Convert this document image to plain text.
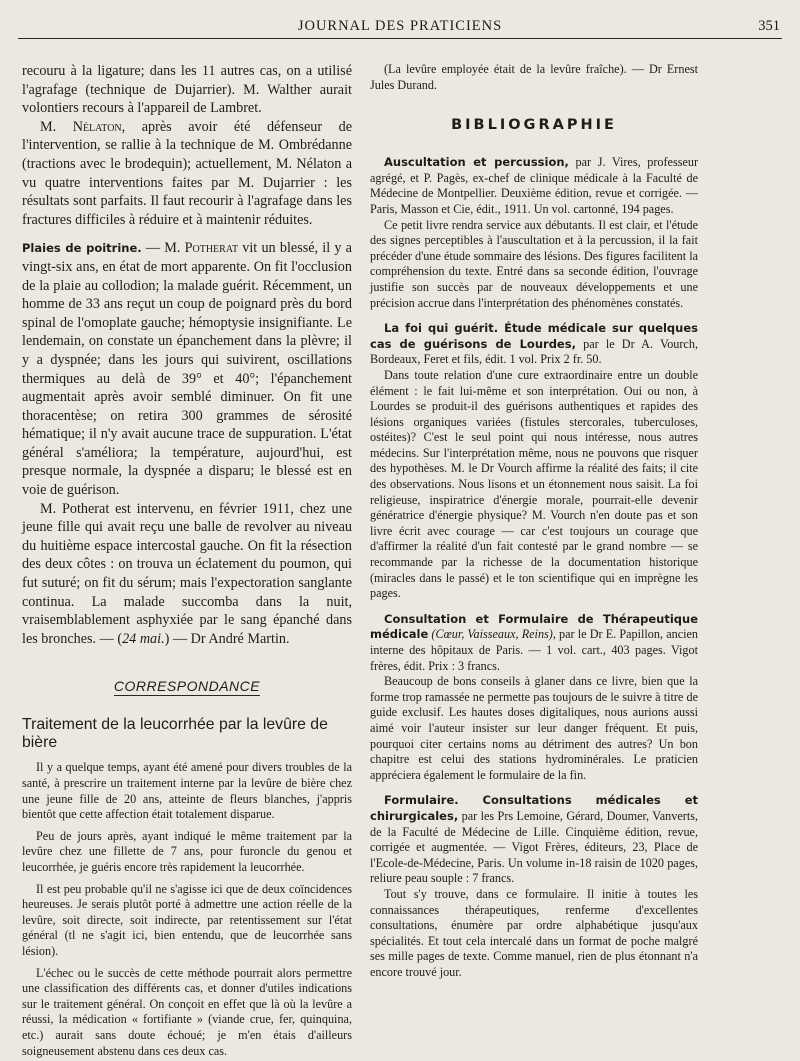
JOURNAL DES PRATICIENS	351

recouru à la ligature; dans les 11 autres cas, on a utilisé l'agrafage (technique de Dujarrier). M. Walther aurait volontiers recours à l'appareil de Lambret.

M. Nélaton, après avoir été défenseur de l'intervention, se rallie à la technique de M. Ombrédanne (tractions avec le brodequin); actuellement, M. Nélaton a vu quatre interventions faites par M. Dujarrier : les résultats sont parfaits. Il faut recourir à l'agrafage dans les fractures difficiles à réduire et à maintenir réduites.

Plaies de poitrine. — M. Potherat vit un blessé, il y a vingt-six ans, en état de mort apparente. On fit l'occlusion de la plaie au collodion; la malade guérit. Récemment, un homme de 33 ans reçut un coup de poignard près du bord spinal de l'omoplate gauche; hémoptysie insignifiante. Le lendemain, on constate un épanchement dans la plèvre; il y a dyspnée; dans les jours qui suivirent, oscillations thermiques au delà de 39° et 40°; l'épanchement augmentait après avoir semblé diminuer. On fit une thoracentèse; on retira 300 grammes de sérosité hématique; il n'y avait aucune trace de suppuration. L'état général s'améliora; la température, aujourd'hui, est presque normale, la dyspnée a disparu; le blessé est en voie de guérison.

M. Potherat est intervenu, en février 1911, chez une jeune fille qui avait reçu une balle de revolver au niveau du huitième espace intercostal gauche. On fit la résection des deux côtes : on trouva un éclatement du poumon, qui fut suturé; on fit du sérum; mais l'expectoration sanglante continua. La malade succomba dans la nuit, vraisemblablement asphyxiée par le sang épanché dans les bronches. — (24 mai.) — Dr André Martin.

CORRESPONDANCE
Traitement de la leucorrhée par la levûre de bière

Il y a quelque temps, ayant été amené pour divers troubles de la santé, à prescrire un traitement interne par la levûre de bière chez une jeune fille de 20 ans, atteinte de fleurs blanches, j'appris bientôt que cette affection était totalement disparue.

Peu de jours après, ayant indiqué le même traitement par la levûre chez une fillette de 7 ans, pour furoncle du genou et leucorrhée, je guéris encore très rapidement la leucorrhée.

Il est peu probable qu'il ne s'agisse ici que de deux coïncidences heureuses. Je serais plutôt porté à admettre une action réelle de la levûre, soit directe, soit indirecte, par retentissement sur l'état général (tl ne s'agit ici, bien entendu, que de leucorrhée sans lésion).

L'échec ou le succès de cette méthode pourrait alors permettre une classification des différents cas, et donner d'utiles indications sur le traitement général. On conçoit en effet que là où la levûre a réussi, la médication « fortifiante » (viande crue, fer, quinquina, etc.) aurait sans doute échoué; je m'en étais d'ailleurs soigneusement abstenu dans ces deux cas.

(La levûre employée était de la levûre fraîche). — Dr Ernest Jules Durand.

BIBLIOGRAPHIE

Auscultation et percussion, par J. Vires, professeur agrégé, et P. Pagès, ex-chef de clinique médicale à la Faculté de Médecine de Montpellier. Deuxième édition, revue et corrigée. — Paris, Masson et Cie, édit., 1911. Un vol. cartonné, 194 pages.

Ce petit livre rendra service aux débutants. Il est clair, et l'étude des signes perceptibles à l'auscultation et à la percussion, il la fait précéder d'une étude sommaire des lésions. Des figures facilitent la compréhension du texte. Entré dans sa seconde édition, l'ouvrage justifie son succès par de nouveaux développements et une précision accrue dans l'interprétation des phénomènes constatés.

La foi qui guérit. Étude médicale sur quelques cas de guérisons de Lourdes, par le Dr A. Vourch, Bordeaux, Feret et fils, édit. 1 vol. Prix 2 fr. 50.

Dans toute relation d'une cure extraordinaire entre un double élément : le fait lui-même et son interprétation. Oui ou non, à Lourdes se produit-il des guérisons authentiques et rapides des lésions organiques variées (fistules stercorales, tuberculoses, ostéites)? C'est le seul point qui nous intéresse, nous autres médecins. Sur l'interprétation même, nous ne pouvons que risquer des hypothèses. M. le Dr Vourch affirme la réalité des faits; il cite des observations. Nous lisons et un étonnement nous saisit. La foi religieuse, inspiratrice d'énergie morale, pourrait-elle devenir génératrice d'énergie physique? M. Vourch n'en doute pas et son livre écrit avec courage — car c'est toujours un courage que d'affirmer la réalité d'un fait contesté par le grand nombre — se recommande par la richesse de la documentation historique (miracles dans le passé) et le ton scientifique qui en imprègne les pages.

Consultation et Formulaire de Thérapeutique médicale (Cœur, Vaisseaux, Reins), par le Dr E. Papillon, ancien interne des hôpitaux de Paris. — 1 vol. cart., 403 pages. Vigot frères, édit. Prix : 3 francs.

Beaucoup de bons conseils à glaner dans ce livre, bien que la forme trop ramassée ne permette pas toujours de le suivre à titre de guide exclusif. Les hautes doses digitaliques, nous aurions aussi aimé voir l'auteur insister sur leur danger fréquent. Et puis, pourquoi citer certains noms au détriment des autres? Un bon chapitre est celui des stations hydrominérales. Le praticien appréciera également le formulaire de la fin.

Formulaire. Consultations médicales et chirurgicales, par les Prs Lemoine, Gérard, Doumer, Vanverts, de la Faculté de Médecine de Lille. Cinquième édition, revue, corrigée et augmentée. — Vigot Frères, éditeurs, 23, Place de l'Ecole-de-Médecine, Paris. Un volume in-18 raisin de 1020 pages, reliure peau souple : 7 francs.

Tout s'y trouve, dans ce formulaire. Il initie à toutes les connaissances thérapeutiques, renferme d'excellentes consultations, énumère par ordre alphabétique jusqu'aux spécialités. Et tout cela intercalé dans un format de poche malgré ses mille pages de texte. Comme manuel, rien de plus étonnant n'a encore trouvé jour.
